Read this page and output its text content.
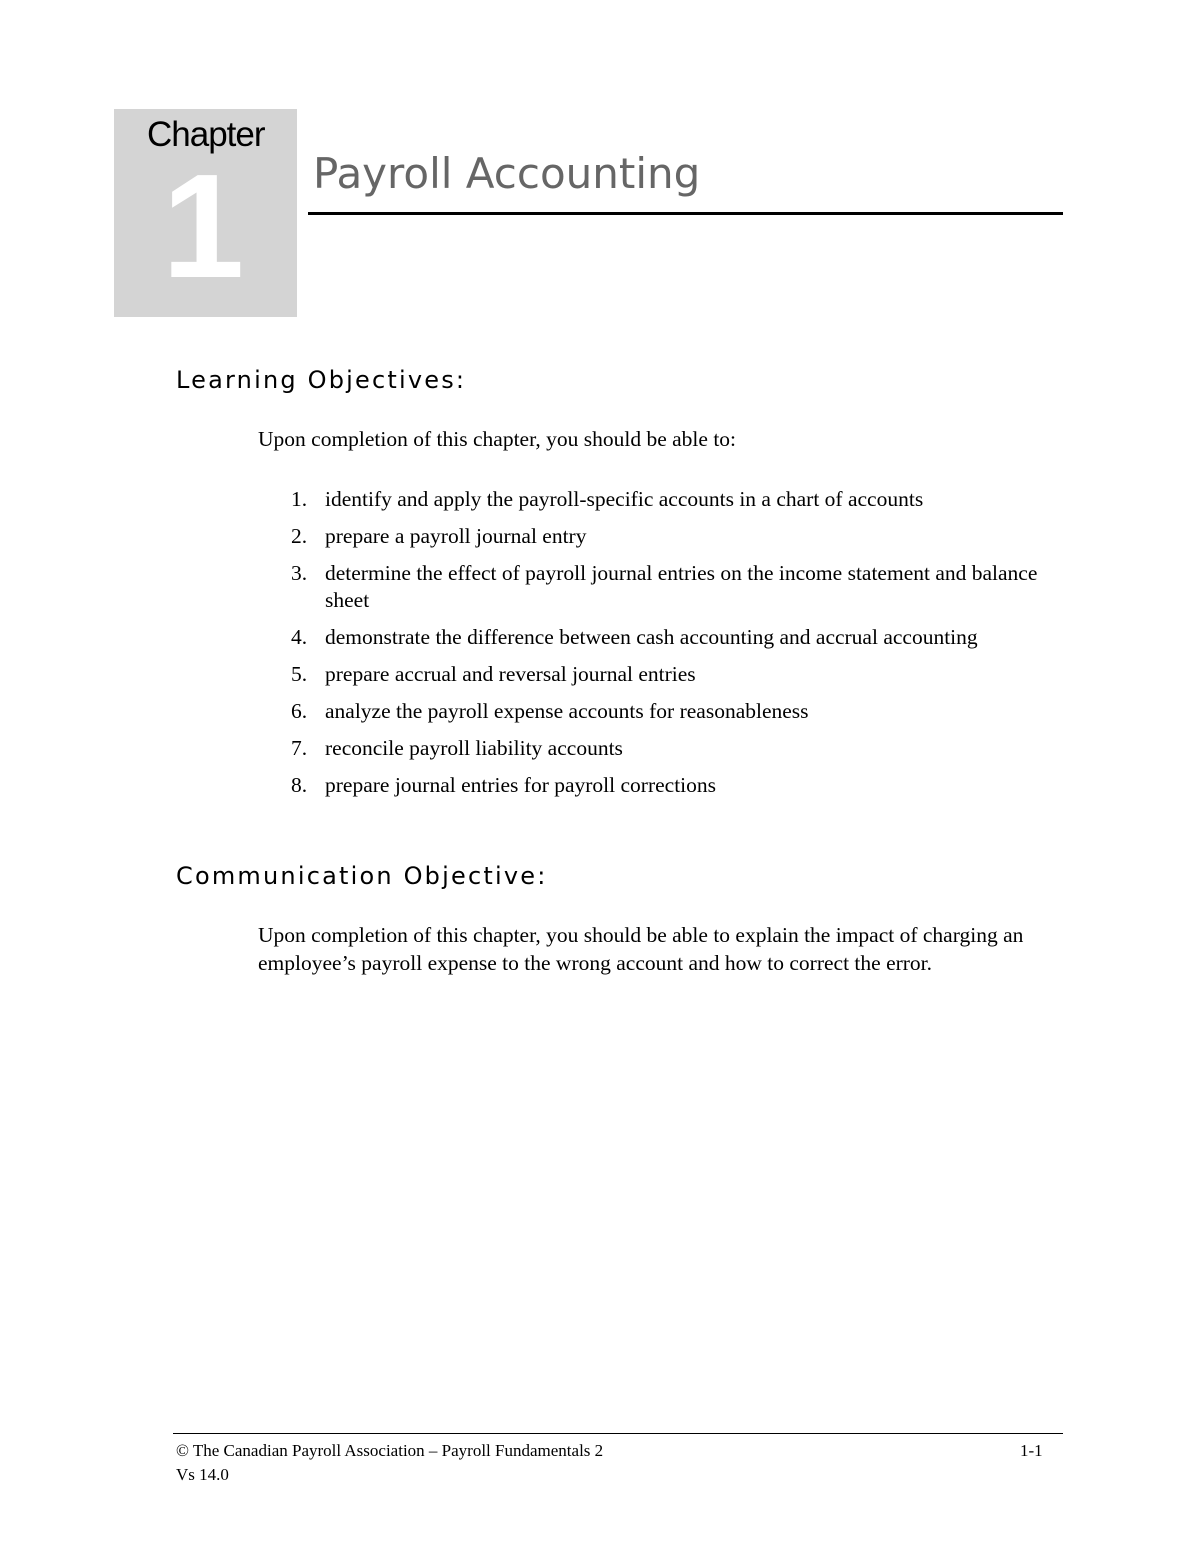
Chapter
1 Payroll Accounting
Learning Objectives:
Upon completion of this chapter, you should be able to:
1. identify and apply the payroll-specific accounts in a chart of accounts
2. prepare a payroll journal entry
3. determine the effect of payroll journal entries on the income statement and balance sheet
4. demonstrate the difference between cash accounting and accrual accounting
5. prepare accrual and reversal journal entries
6. analyze the payroll expense accounts for reasonableness
7. reconcile payroll liability accounts
8. prepare journal entries for payroll corrections
Communication Objective:
Upon completion of this chapter, you should be able to explain the impact of charging an employee’s payroll expense to the wrong account and how to correct the error.
© The Canadian Payroll Association – Payroll Fundamentals 2
Vs 14.0
1-1
